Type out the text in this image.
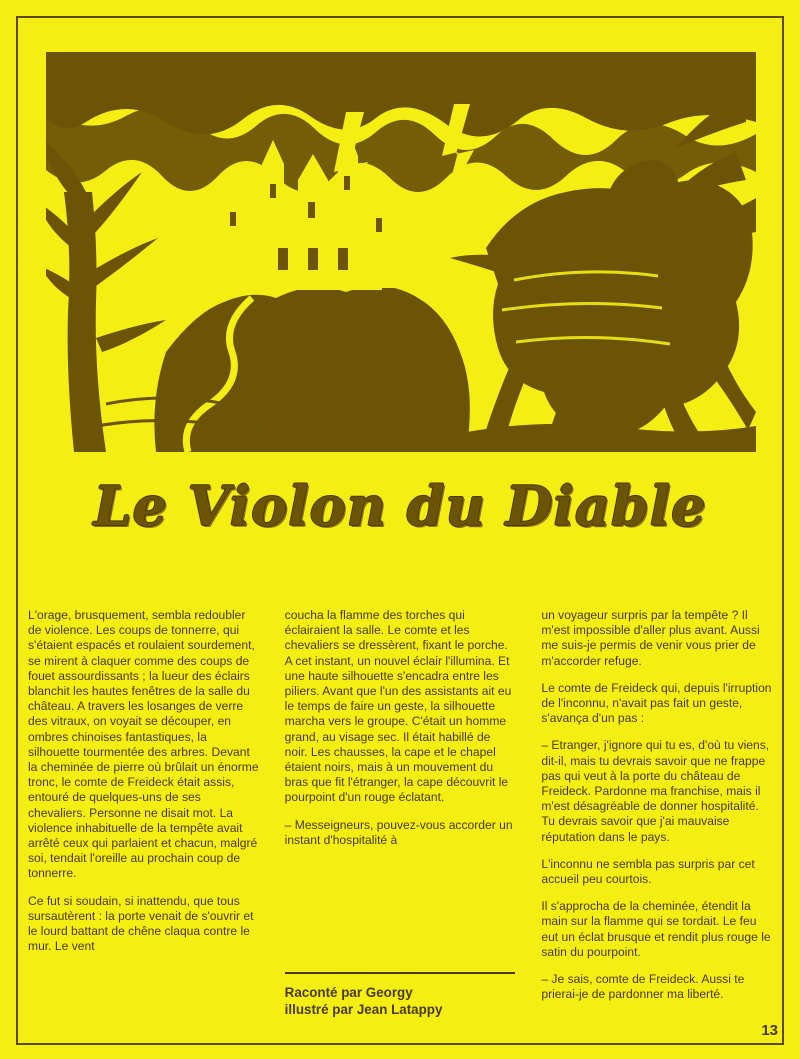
Le Violon du Diable

L'orage, brusquement, sembla redoubler de violence. Les coups de tonnerre, qui s'étaient espacés et roulaient sourdement, se mirent à claquer comme des coups de fouet assourdissants ; la lueur des éclairs blanchit les hautes fenêtres de la salle du château. A travers les losanges de verre des vitraux, on voyait se découper, en ombres chinoises fantastiques, la silhouette tourmentée des arbres. Devant la cheminée de pierre où brûlait un énorme tronc, le comte de Freideck était assis, entouré de quelques-uns de ses chevaliers. Personne ne disait mot. La violence inhabituelle de la tempête avait arrêté ceux qui parlaient et chacun, malgré soi, tendait l'oreille au prochain coup de tonnerre.

Ce fut si soudain, si inattendu, que tous sursautèrent : la porte venait de s'ouvrir et le lourd battant de chêne claqua contre le mur. Le vent

coucha la flamme des torches qui éclairaient la salle. Le comte et les chevaliers se dressèrent, fixant le porche. A cet instant, un nouvel éclair l'illumina. Et une haute silhouette s'encadra entre les piliers. Avant que l'un des assistants ait eu le temps de faire un geste, la silhouette marcha vers le groupe. C'était un homme grand, au visage sec. Il était habillé de noir. Les chausses, la cape et le chapel étaient noirs, mais à un mouvement du bras que fit l'étranger, la cape découvrit le pourpoint d'un rouge éclatant.

– Messeigneurs, pouvez-vous accorder un instant d'hospitalité à

Raconté par Georgy
illustré par Jean Latappy

un voyageur surpris par la tempête ? Il m'est impossible d'aller plus avant. Aussi me suis-je permis de venir vous prier de m'accorder refuge.

Le comte de Freideck qui, depuis l'irruption de l'inconnu, n'avait pas fait un geste, s'avança d'un pas :

– Etranger, j'ignore qui tu es, d'où tu viens, dit-il, mais tu devrais savoir que ne frappe pas qui veut à la porte du château de Freideck. Pardonne ma franchise, mais il m'est désagréable de donner hospitalité. Tu devrais savoir que j'ai mauvaise réputation dans le pays.

L'inconnu ne sembla pas surpris par cet accueil peu courtois.

Il s'approcha de la cheminée, étendit la main sur la flamme qui se tordait. Le feu eut un éclat brusque et rendit plus rouge le satin du pourpoint.

– Je sais, comte de Freideck. Aussi te prierai-je de pardonner ma liberté.

13
